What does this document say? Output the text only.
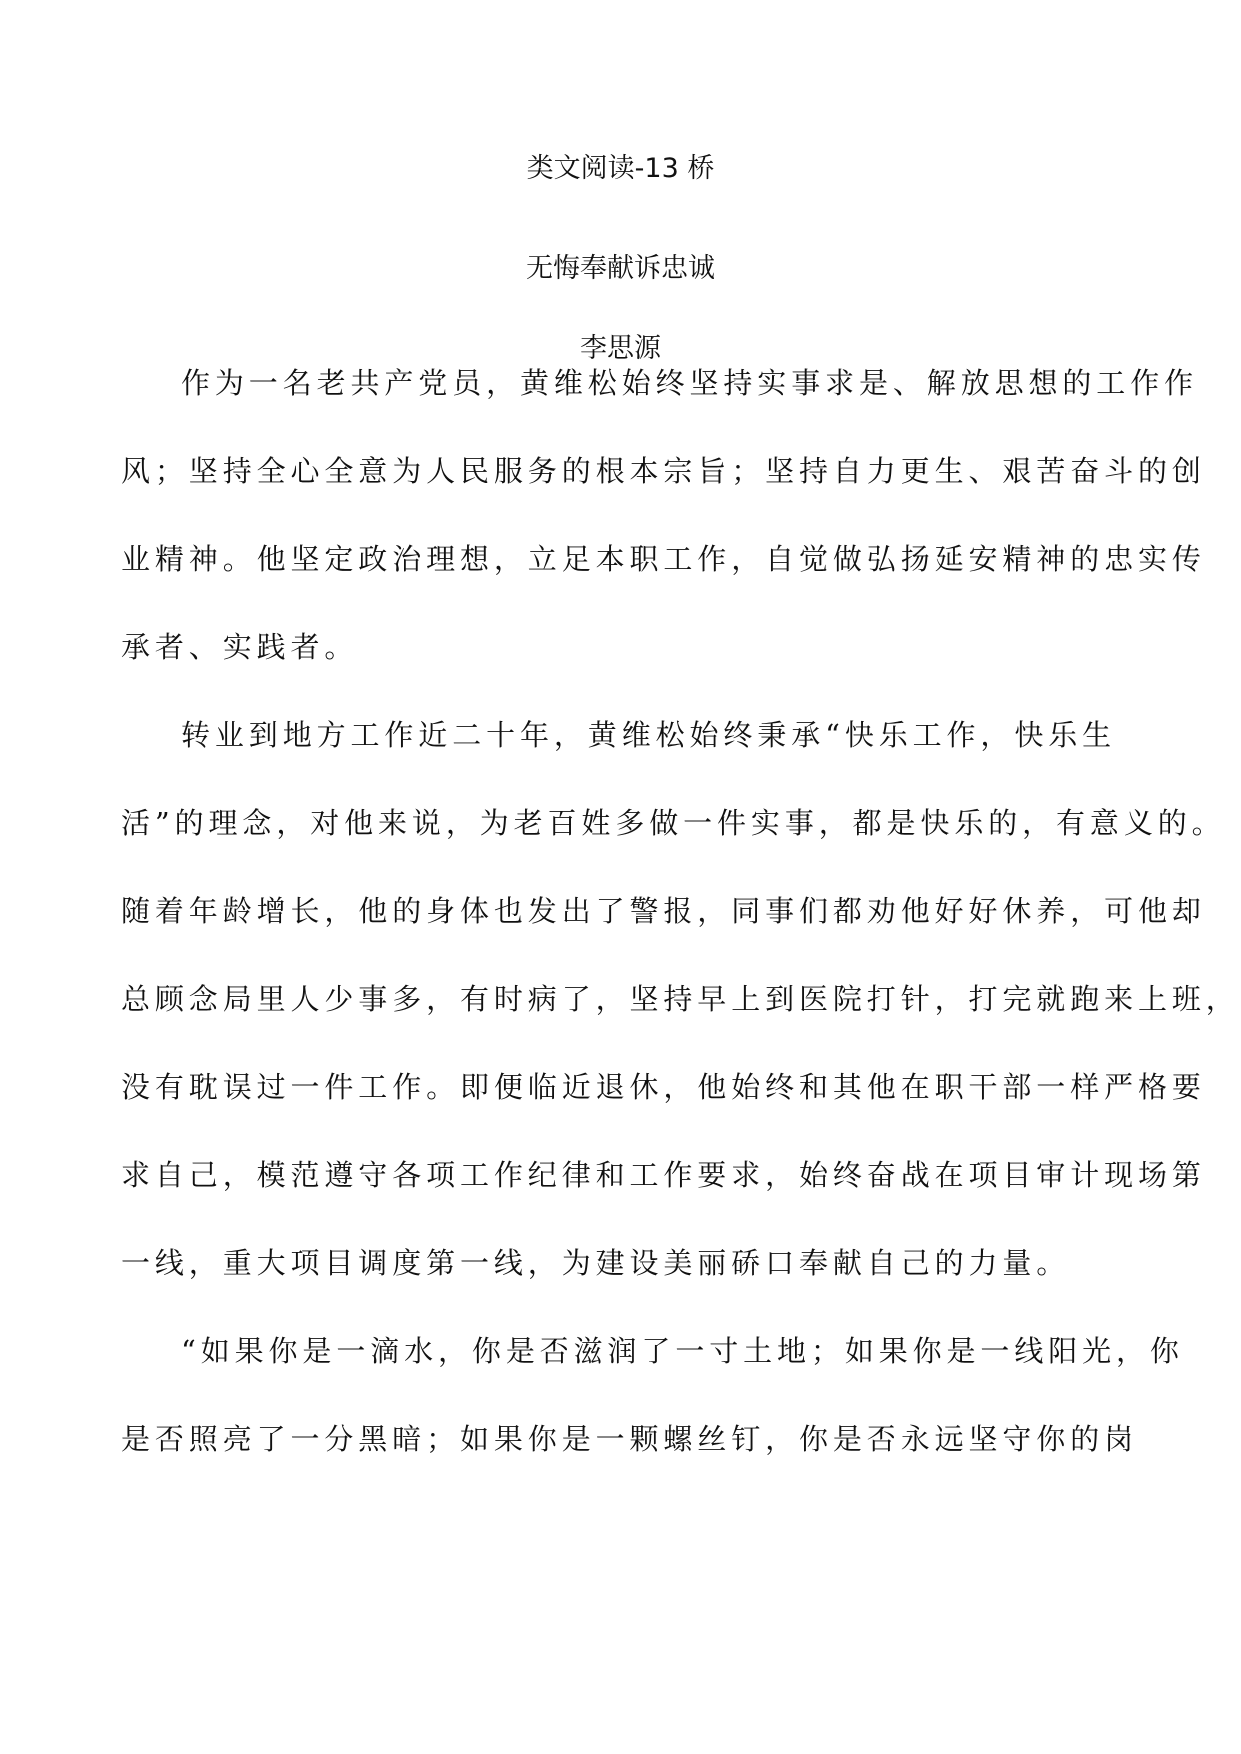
类文阅读-13 桥
无悔奉献诉忠诚
李思源
作为一名老共产党员，黄维松始终坚持实事求是、解放思想的工作作
风；坚持全心全意为人民服务的根本宗旨；坚持自力更生、艰苦奋斗的创
业精神。他坚定政治理想，立足本职工作，自觉做弘扬延安精神的忠实传
承者、实践者。
转业到地方工作近二十年，黄维松始终秉承“快乐工作，快乐生
活”的理念，对他来说，为老百姓多做一件实事，都是快乐的，有意义的。
随着年龄增长，他的身体也发出了警报，同事们都劝他好好休养，可他却
总顾念局里人少事多，有时病了，坚持早上到医院打针，打完就跑来上班，
没有耽误过一件工作。即便临近退休，他始终和其他在职干部一样严格要
求自己，模范遵守各项工作纪律和工作要求，始终奋战在项目审计现场第
一线，重大项目调度第一线，为建设美丽硚口奉献自己的力量。
“如果你是一滴水，你是否滋润了一寸土地；如果你是一线阳光，你
是否照亮了一分黑暗；如果你是一颗螺丝钉，你是否永远坚守你的岗
